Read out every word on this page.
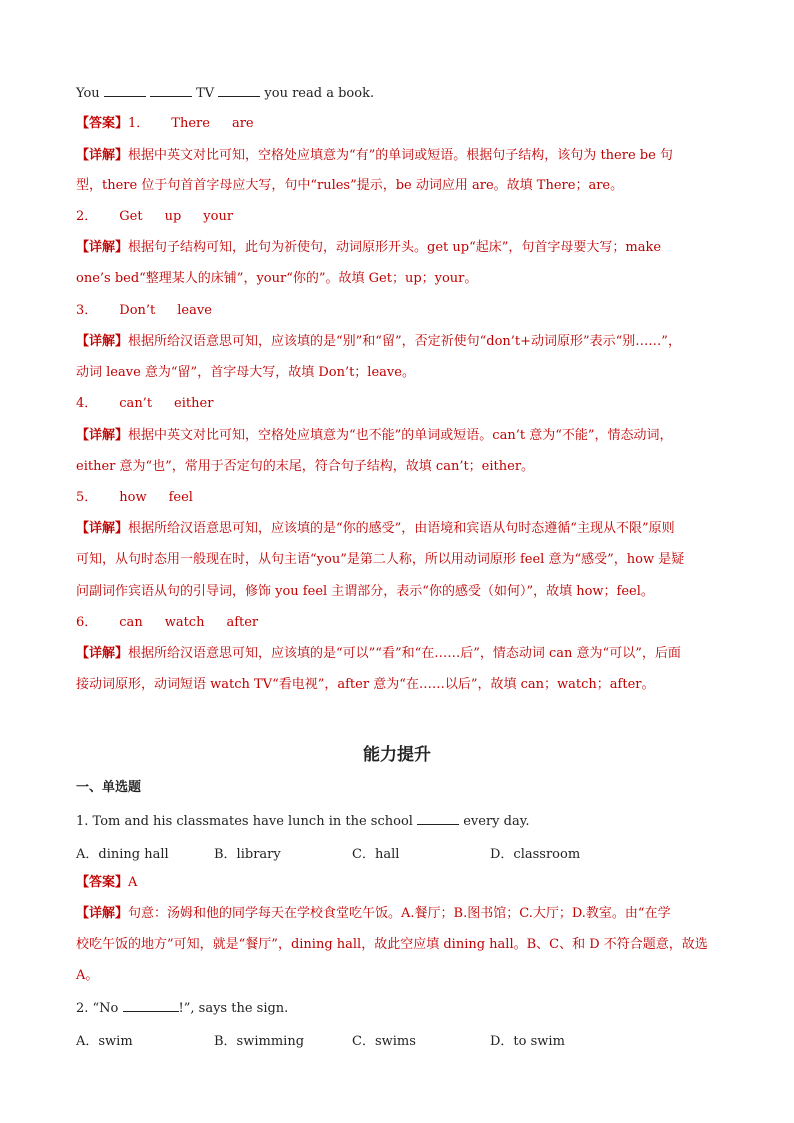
You	TV	you read a book.
【答案】1． There are
【详解】根据中英文对比可知，空格处应填意为“有”的单词或短语。根据句子结构，该句为 there be 句
型，there 位于句首首字母应大写，句中“rules”提示，be 动词应用 are。故填 There；are。
2． Get up your
【详解】根据句子结构可知，此句为祈使句，动词原形开头。get up“起床”，句首字母要大写；make
one’s bed“整理某人的床铺”，your“你的”。故填 Get；up；your。
3． Don’t leave
【详解】根据所给汉语意思可知，应该填的是“别”和“留”，否定祈使句“don’t+动词原形”表示“别……”，
动词 leave 意为“留”，首字母大写，故填 Don’t；leave。
4． can’t either
【详解】根据中英文对比可知，空格处应填意为“也不能”的单词或短语。can’t 意为“不能”，情态动词，
either 意为“也”，常用于否定句的末尾，符合句子结构，故填 can’t；either。
5． how feel
【详解】根据所给汉语意思可知，应该填的是“你的感受”，由语境和宾语从句时态遵循“主现从不限”原则
可知，从句时态用一般现在时，从句主语“you”是第二人称，所以用动词原形 feel 意为“感受”，how 是疑
问副词作宾语从句的引导词，修饰 you feel 主谓部分，表示“你的感受（如何）”，故填 how；feel。
6． can watch after
【详解】根据所给汉语意思可知，应该填的是“可以”“看”和“在……后”，情态动词 can 意为“可以”，后面
接动词原形，动词短语 watch TV“看电视”，after 意为“在……以后”，故填 can；watch；after。
能力提升
一、单选题
1. Tom and his classmates have lunch in the school	every day.
A．dining hall	B．library	C．hall	D．classroom
【答案】A
【详解】句意：汤姆和他的同学每天在学校食堂吃午饭。A.餐厅；B.图书馆；C.大厅；D.教室。由“在学
校吃午饭的地方”可知，就是“餐厅”，dining hall，故此空应填 dining hall。B、C、和 D 不符合题意，故选
A。
2. “No	!”, says the sign.
A．swim	B．swimming	C．swims	D．to swim
